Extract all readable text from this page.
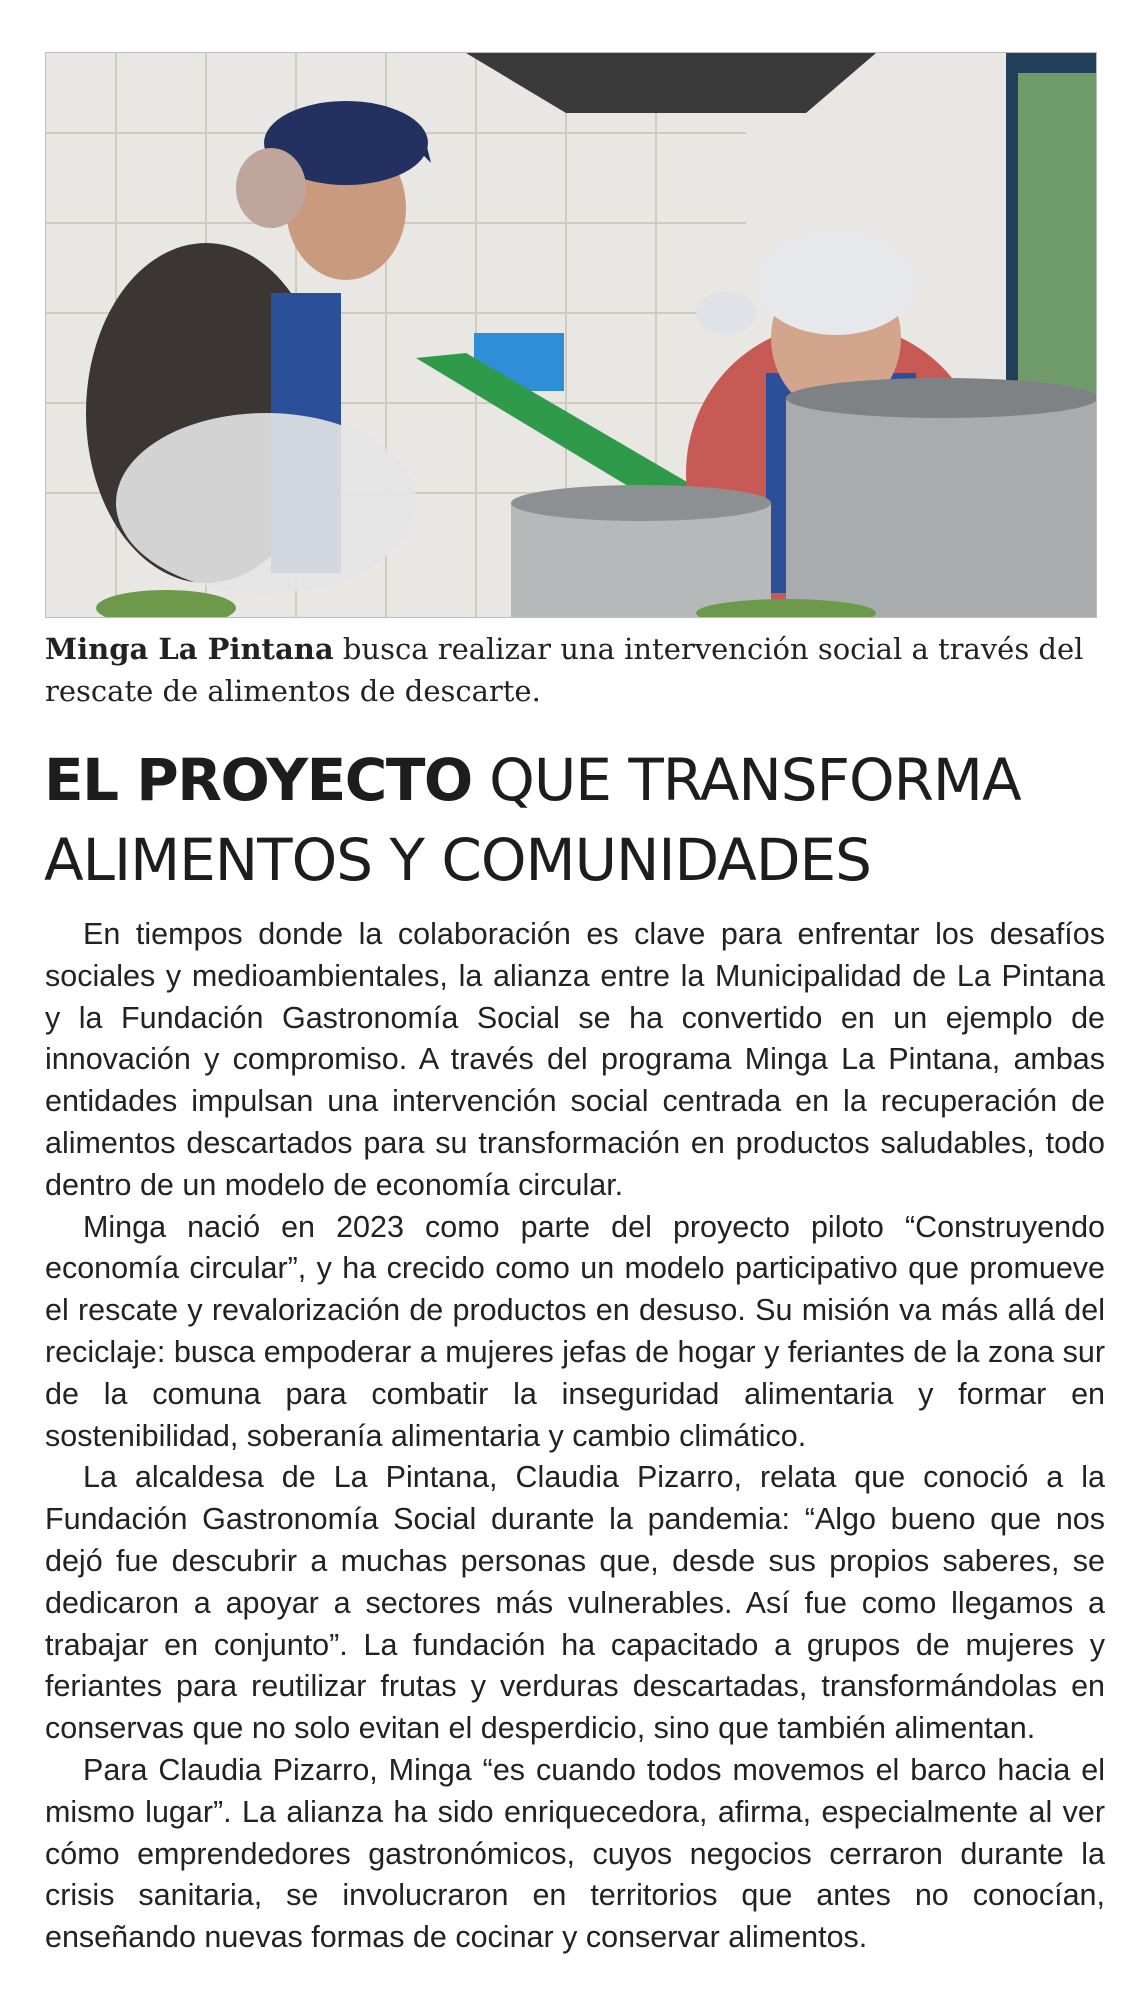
Minga La Pintana busca realizar una intervención social a través del rescate de alimentos de descarte.
EL PROYECTO QUE TRANSFORMA ALIMENTOS Y COMUNIDADES

En tiempos donde la colaboración es clave para enfrentar los desafíos sociales y medioambientales, la alianza entre la Municipalidad de La Pintana y la Fundación Gastronomía Social se ha convertido en un ejemplo de innovación y compromiso. A través del programa Minga La Pintana, ambas entidades impulsan una intervención social centrada en la recuperación de alimentos descartados para su transformación en productos saludables, todo dentro de un modelo de economía circular.

Minga nació en 2023 como parte del proyecto piloto “Construyendo economía circular”, y ha crecido como un modelo participativo que promueve el rescate y revalorización de productos en desuso. Su misión va más allá del reciclaje: busca empoderar a mujeres jefas de hogar y feriantes de la zona sur de la comuna para combatir la inseguridad alimentaria y formar en sostenibilidad, soberanía alimentaria y cambio climático.

La alcaldesa de La Pintana, Claudia Pizarro, relata que conoció a la Fundación Gastronomía Social durante la pandemia: “Algo bueno que nos dejó fue descubrir a muchas personas que, desde sus propios saberes, se dedicaron a apoyar a sectores más vulnerables. Así fue como llegamos a trabajar en conjunto”. La fundación ha capacitado a grupos de mujeres y feriantes para reutilizar frutas y verduras descartadas, transformándolas en conservas que no solo evitan el desperdicio, sino que también alimentan.

Para Claudia Pizarro, Minga “es cuando todos movemos el barco hacia el mismo lugar”. La alianza ha sido enriquecedora, afirma, especialmente al ver cómo emprendedores gastronómicos, cuyos negocios cerraron durante la crisis sanitaria, se involucraron en territorios que antes no conocían, enseñando nuevas formas de cocinar y conservar alimentos.
